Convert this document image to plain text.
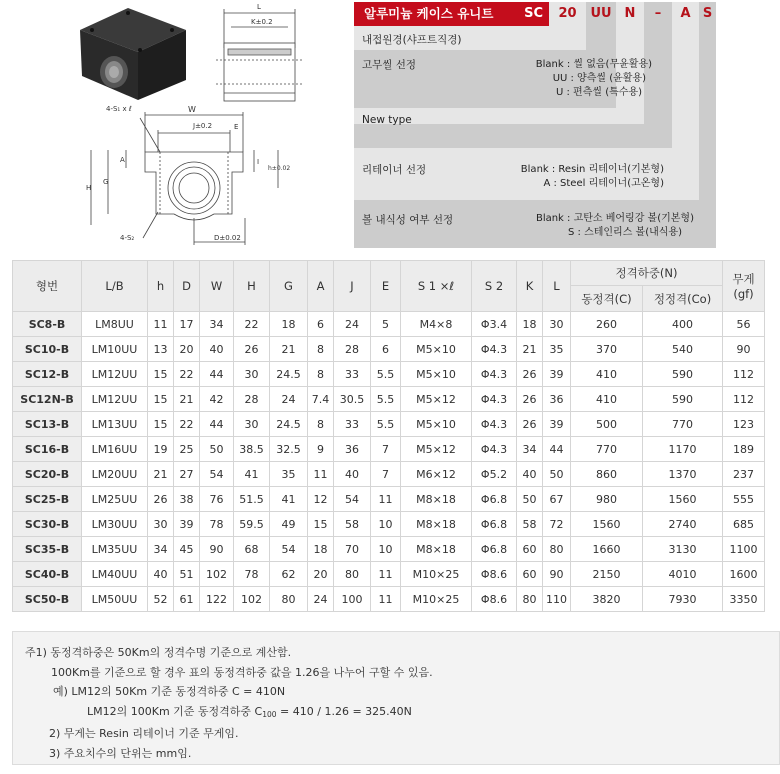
L
K±0.2
W
J±0.2	E
4-S₁ x ℓ
4-S₂
A
G
H
I
h±0.02
D±0.02
알루미늄 케이스 유니트 SC	20	UU N	–	A S
내접원경(샤프트직경)
고무씰 선정	Blank : 씰 없음(무윤활용)
UU : 양측씰 (윤활용)
U : 편측씰 (특수용)
New type
리테이너 선정	Blank : Resin 리테이너(기본형)
A : Steel 리테이너(고온형)
볼 내식성 여부 선정	Blank : 고탄소 베어링강 볼(기본형)
S : 스테인리스 볼(내식용)
형번	L/B	h	D	W	H	G	A	J	E	S 1 ×ℓ	S 2	K	L	정격하중(N)		무게
(gf)

														동정격(C)	정정격(Co)	
SC8-B	LM8UU	11	17	34	22	18	6	24	5	M4×8	Φ3.4	18	30	260	400	56
SC10-B	LM10UU	13	20	40	26	21	8	28	6	M5×10	Φ4.3	21	35	370	540	90
SC12-B	LM12UU	15	22	44	30	24.5	8	33	5.5	M5×10	Φ4.3	26	39	410	590	112
SC12N-B	LM12UU	15	21	42	28	24	7.4	30.5	5.5	M5×12	Φ4.3	26	36	410	590	112
SC13-B	LM13UU	15	22	44	30	24.5	8	33	5.5	M5×10	Φ4.3	26	39	500	770	123
SC16-B	LM16UU	19	25	50	38.5	32.5	9	36	7	M5×12	Φ4.3	34	44	770	1170	189
SC20-B	LM20UU	21	27	54	41	35	11	40	7	M6×12	Φ5.2	40	50	860	1370	237
SC25-B	LM25UU	26	38	76	51.5	41	12	54	11	M8×18	Φ6.8	50	67	980	1560	555
SC30-B	LM30UU	30	39	78	59.5	49	15	58	10	M8×18	Φ6.8	58	72	1560	2740	685
SC35-B	LM35UU	34	45	90	68	54	18	70	10	M8×18	Φ6.8	60	80	1660	3130	1100
SC40-B	LM40UU	40	51	102	78	62	20	80	11	M10×25	Φ8.6	60	90	2150	4010	1600
SC50-B	LM50UU	52	61	122	102	80	24	100	11	M10×25	Φ8.6	80	110	3820	7930	3350
주1) 동정격하중은 50Km의 정격수명 기준으로 계산함.
100Km를 기준으로 할 경우 표의 동정격하중 값을 1.26을 나누어 구할 수 있음.
예) LM12의 50Km 기준 동정격하중 C = 410N
LM12의 100Km 기준 동정격하중 $C_{100} = 410 / 1.26 = 325.40N$
2) 무게는 Resin 리테이너 기준 무게임.
3) 주요치수의 단위는 mm임.
